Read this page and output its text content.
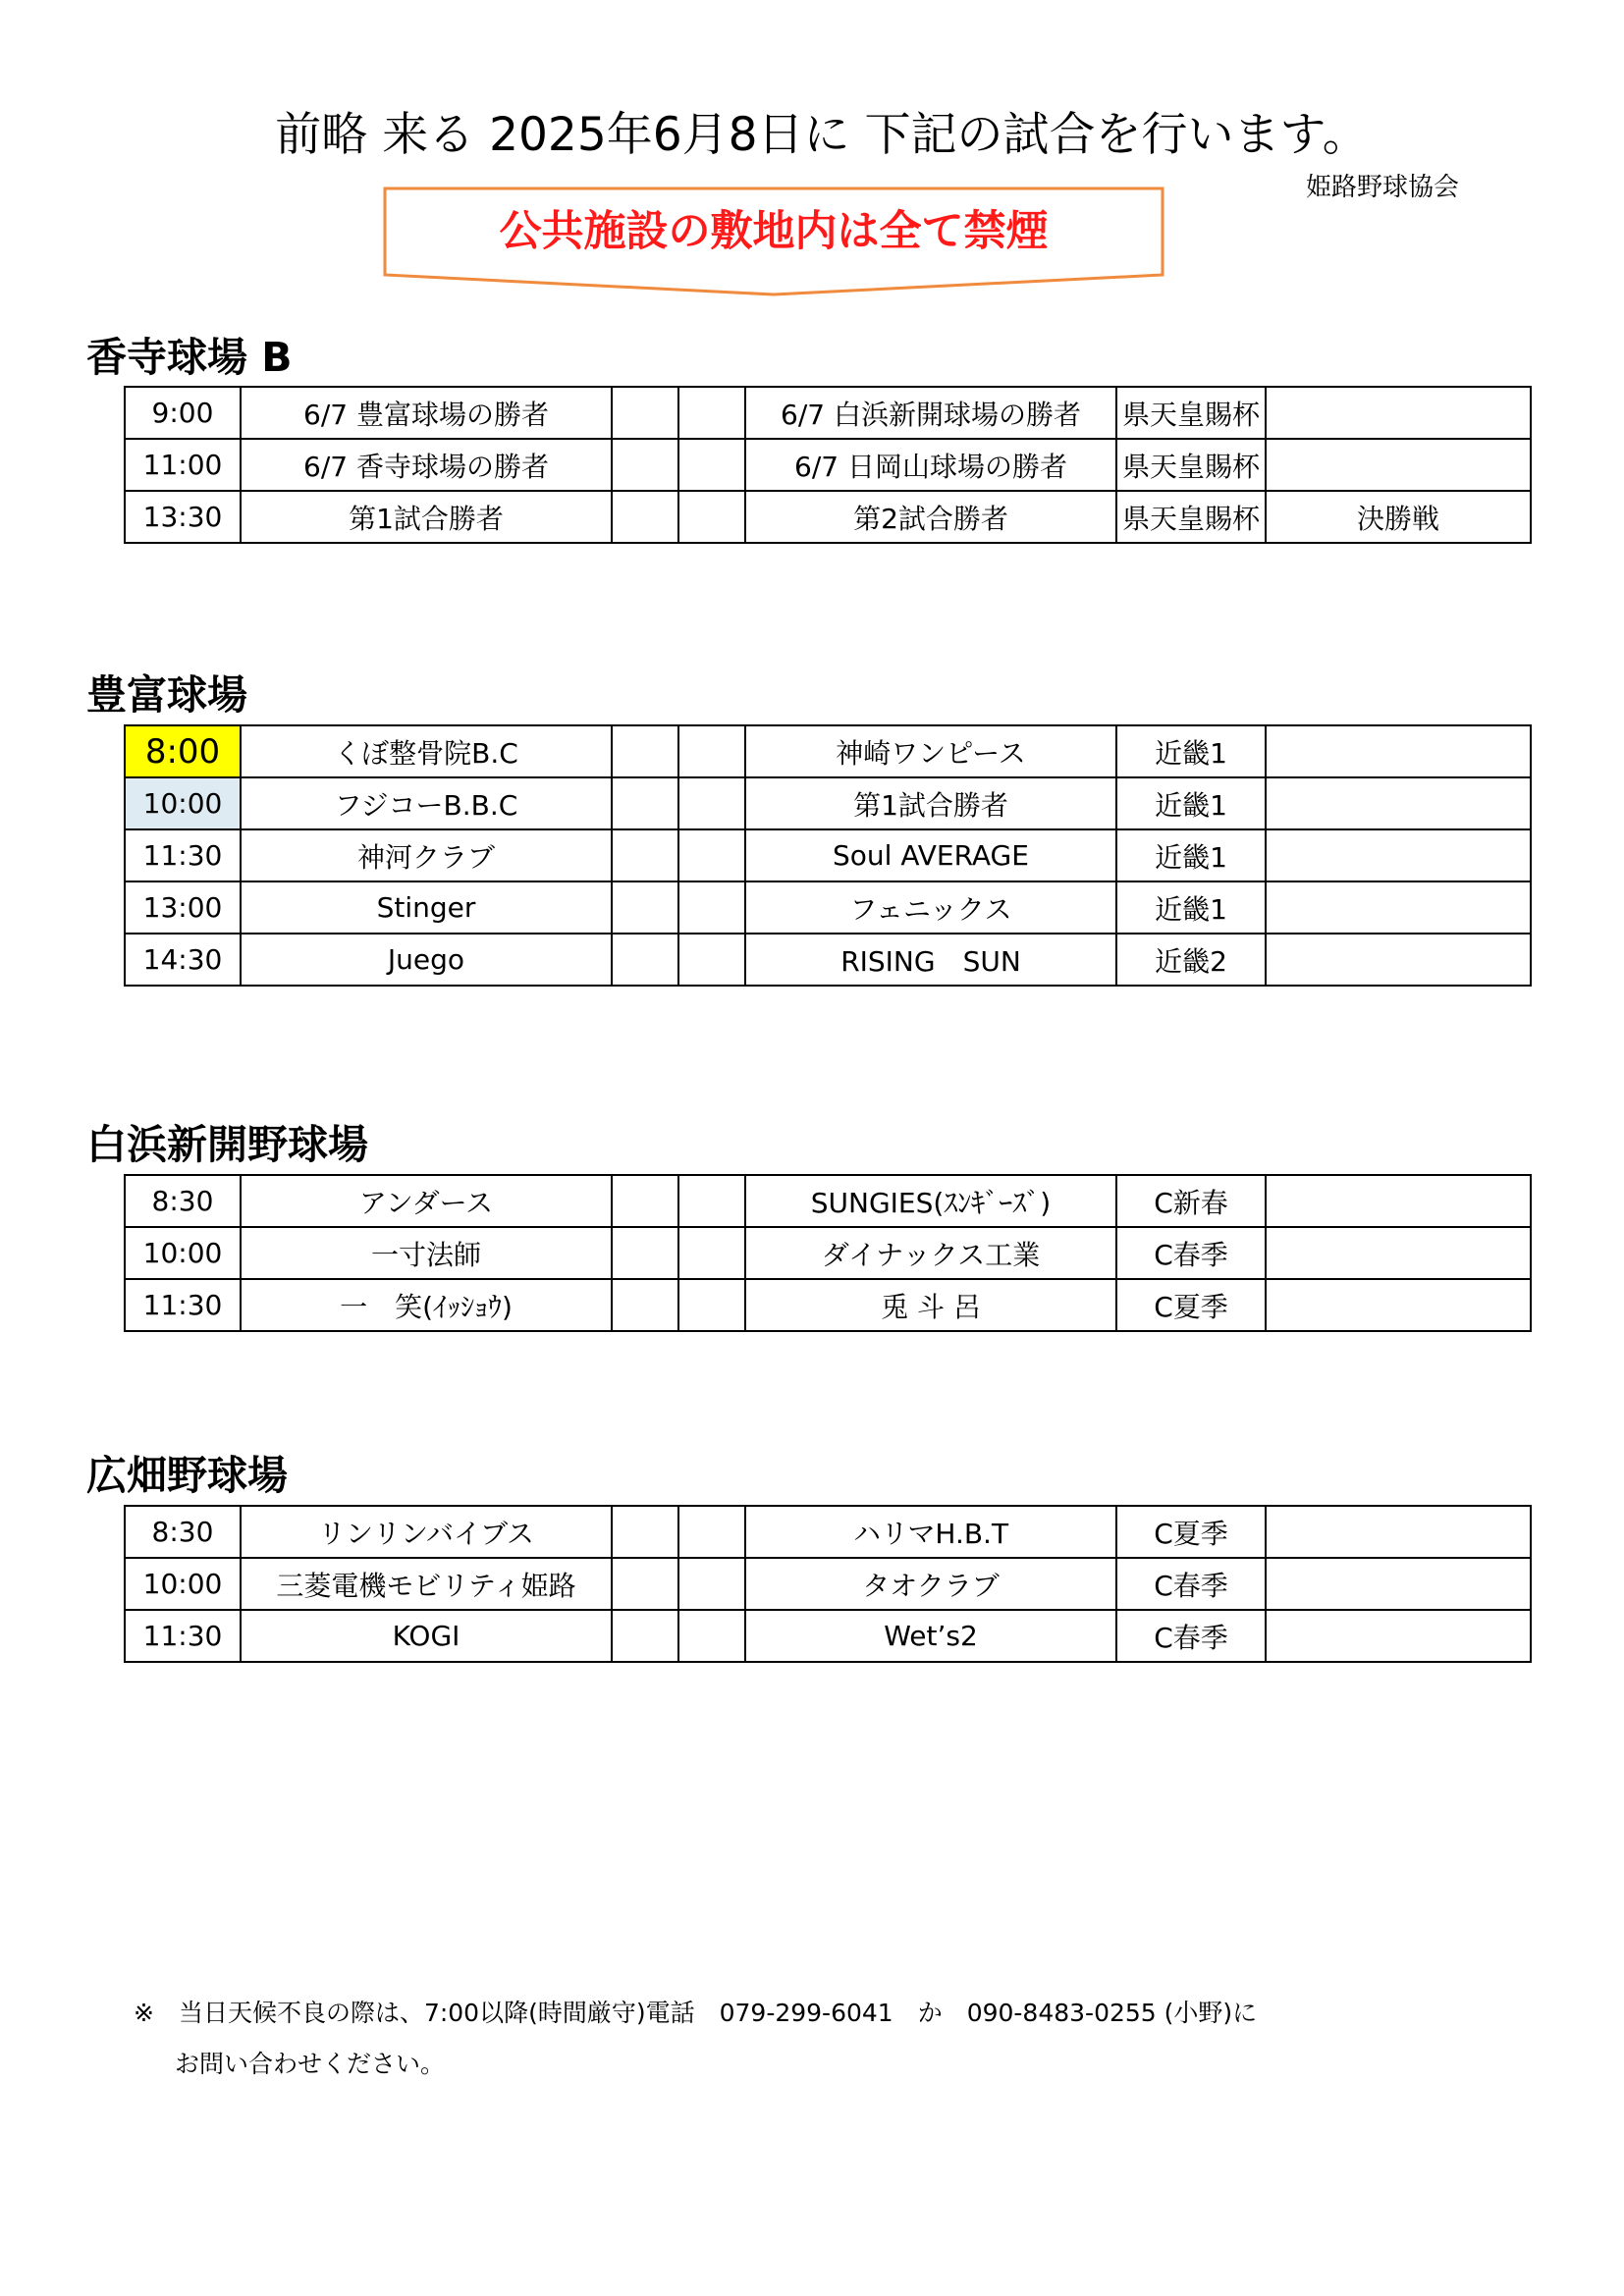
前略 来る 2025年6月8日に 下記の試合を行います。
姫路野球協会
公共施設の敷地内は全て禁煙
香寺球場 B
9:00	6/7 豊富球場の勝者			6/7 白浜新開球場の勝者	県天皇賜杯	
11:00	6/7 香寺球場の勝者			6/7 日岡山球場の勝者	県天皇賜杯	
13:30	第1試合勝者			第2試合勝者	県天皇賜杯	決勝戦
豊富球場
8:00	くぼ整骨院B.C			神崎ワンピース	近畿1	
10:00	フジコーB.B.C			第1試合勝者	近畿1	
11:30	神河クラブ			Soul AVERAGE	近畿1	
13:00	Stinger			フェニックス	近畿1	
14:30	Juego			RISING　SUN	近畿2	
白浜新開野球場
8:30	アンダース			SUNGIES(ｽﾝｷﾞｰｽﾞ)	C新春	
10:00	一寸法師			ダイナックス工業	C春季	
11:30	一　笑(ｲｯｼｮｳ)			兎 斗 呂	C夏季	
広畑野球場
8:30	リンリンバイブス			ハリマH.B.T	C夏季	
10:00	三菱電機モビリティ姫路			タオクラブ	C春季	
11:30	KOGI			Wet’s2	C春季	
※　当日天候不良の際は、7:00以降(時間厳守)電話　079-299-6041　か　090-8483-0255 (小野)に
お問い合わせください。
